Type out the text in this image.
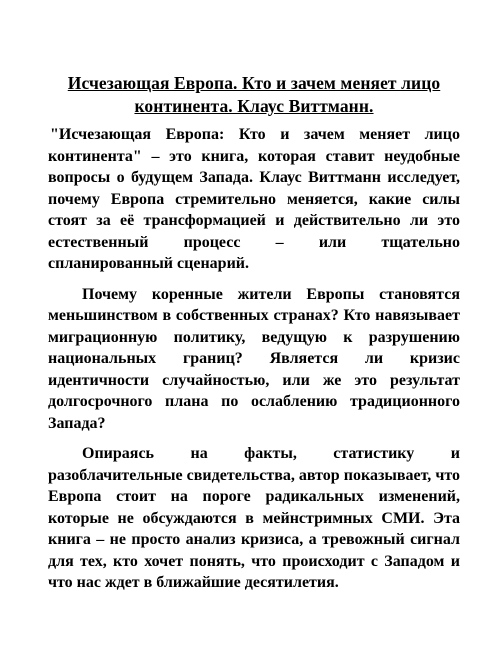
Исчезающая Европа. Кто и зачем меняет лицо континента. Клаус Виттманн.

"Исчезающая Европа: Кто и зачем меняет лицо континента" – это книга, которая ставит неудобные вопросы о будущем Запада. Клаус Виттманн исследует, почему Европа стремительно меняется, какие силы стоят за её трансформацией и действительно ли это естественный процесс – или тщательно спланированный сценарий.

Почему коренные жители Европы становятся меньшинством в собственных странах? Кто навязывает миграционную политику, ведущую к разрушению национальных границ? Является ли кризис идентичности случайностью, или же это результат долгосрочного плана по ослаблению традиционного Запада?

Опираясь на факты, статистику и разоблачительные свидетельства, автор показывает, что Европа стоит на пороге радикальных изменений, которые не обсуждаются в мейнстримных СМИ. Эта книга – не просто анализ кризиса, а тревожный сигнал для тех, кто хочет понять, что происходит с Западом и что нас ждет в ближайшие десятилетия.
